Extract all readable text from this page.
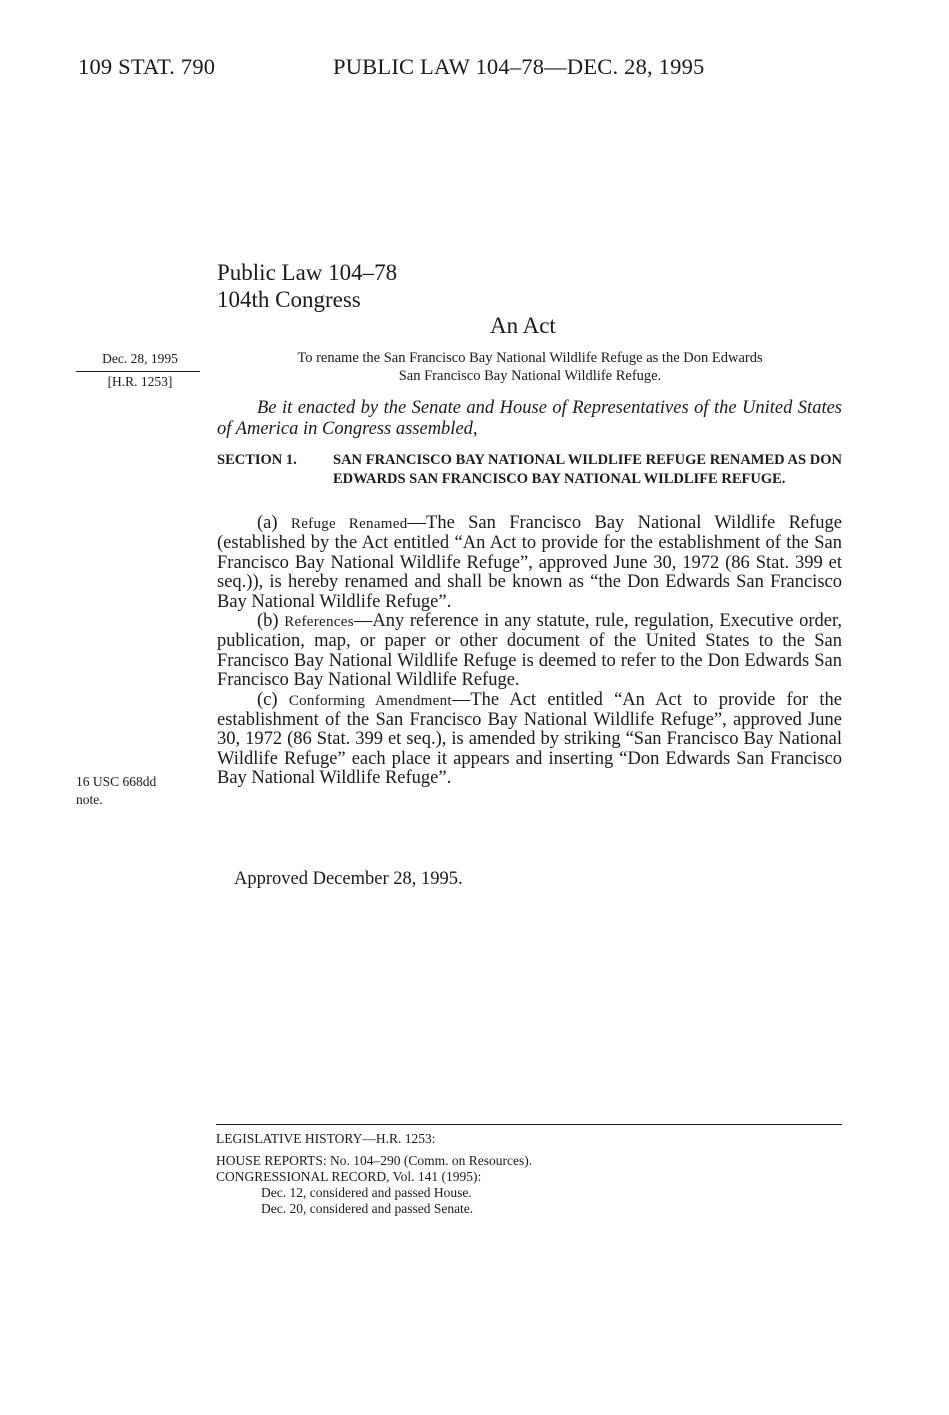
109 STAT. 790	PUBLIC LAW 104–78—DEC. 28, 1995
Public Law 104–78
104th Congress
An Act
Dec. 28, 1995
[H.R. 1253]
16 USC 668dd
note.
To rename the San Francisco Bay National Wildlife Refuge as the Don Edwards
San Francisco Bay National Wildlife Refuge.
Be it enacted by the Senate and House of Representatives of the United States of America in Congress assembled,
SECTION 1. SAN FRANCISCO BAY NATIONAL WILDLIFE REFUGE RENAMED AS DON EDWARDS SAN FRANCISCO BAY NATIONAL WILDLIFE REFUGE.

(a) Refuge Renamed—The San Francisco Bay National Wildlife Refuge (established by the Act entitled “An Act to provide for the establishment of the San Francisco Bay National Wildlife Refuge”, approved June 30, 1972 (86 Stat. 399 et seq.)), is hereby renamed and shall be known as “the Don Edwards San Francisco Bay National Wildlife Refuge”.

(b) References—Any reference in any statute, rule, regulation, Executive order, publication, map, or paper or other document of the United States to the San Francisco Bay National Wildlife Refuge is deemed to refer to the Don Edwards San Francisco Bay National Wildlife Refuge.

(c) Conforming Amendment—The Act entitled “An Act to provide for the establishment of the San Francisco Bay National Wildlife Refuge”, approved June 30, 1972 (86 Stat. 399 et seq.), is amended by striking “San Francisco Bay National Wildlife Refuge” each place it appears and inserting “Don Edwards San Francisco Bay National Wildlife Refuge”.

Approved December 28, 1995.
LEGISLATIVE HISTORY—H.R. 1253:
HOUSE REPORTS: No. 104–290 (Comm. on Resources).
CONGRESSIONAL RECORD, Vol. 141 (1995):
Dec. 12, considered and passed House.
Dec. 20, considered and passed Senate.
